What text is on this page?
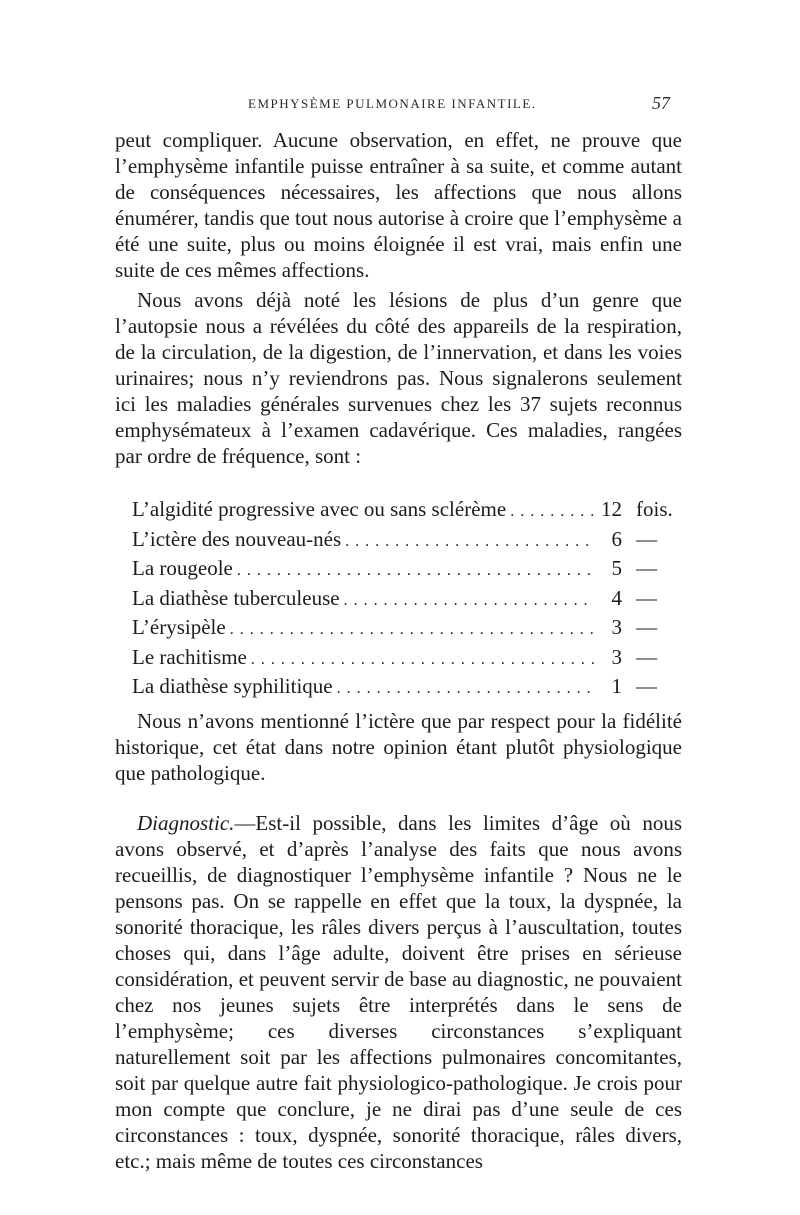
EMPHYSÈME PULMONAIRE INFANTILE.	57

peut compliquer. Aucune observation, en effet, ne prouve que l’emphysème infantile puisse entraîner à sa suite, et comme autant de conséquences nécessaires, les affections que nous allons énumérer, tandis que tout nous autorise à croire que l’emphysème a été une suite, plus ou moins éloignée il est vrai, mais enfin une suite de ces mêmes affections.

Nous avons déjà noté les lésions de plus d’un genre que l’autopsie nous a révélées du côté des appareils de la respiration, de la circulation, de la digestion, de l’innervation, et dans les voies urinaires; nous n’y reviendrons pas. Nous signalerons seulement ici les maladies générales survenues chez les 37 sujets reconnus emphysémateux à l’examen cadavérique. Ces maladies, rangées par ordre de fréquence, sont :

L’algidité progressive avec ou sans sclérème . . .	12 fois.
L’ictère des nouveau-nés . . .	6 —
La rougeole . . .	5 —
La diathèse tuberculeuse . . .	4 —
L’érysipèle . . .	3 —
Le rachitisme . . .	3 —
La diathèse syphilitique . . .	1 —

Nous n’avons mentionné l’ictère que par respect pour la fidélité historique, cet état dans notre opinion étant plutôt physiologique que pathologique.

Diagnostic.—Est-il possible, dans les limites d’âge où nous avons observé, et d’après l’analyse des faits que nous avons recueillis, de diagnostiquer l’emphysème infantile ? Nous ne le pensons pas. On se rappelle en effet que la toux, la dyspnée, la sonorité thoracique, les râles divers perçus à l’auscultation, toutes choses qui, dans l’âge adulte, doivent être prises en sérieuse considération, et peuvent servir de base au diagnostic, ne pouvaient chez nos jeunes sujets être interprétés dans le sens de l’emphysème; ces diverses circonstances s’expliquant naturellement soit par les affections pulmonaires concomitantes, soit par quelque autre fait physiologico-pathologique. Je crois pour mon compte que conclure, je ne dirai pas d’une seule de ces circonstances : toux, dyspnée, sonorité thoracique, râles divers, etc.; mais même de toutes ces circonstances
